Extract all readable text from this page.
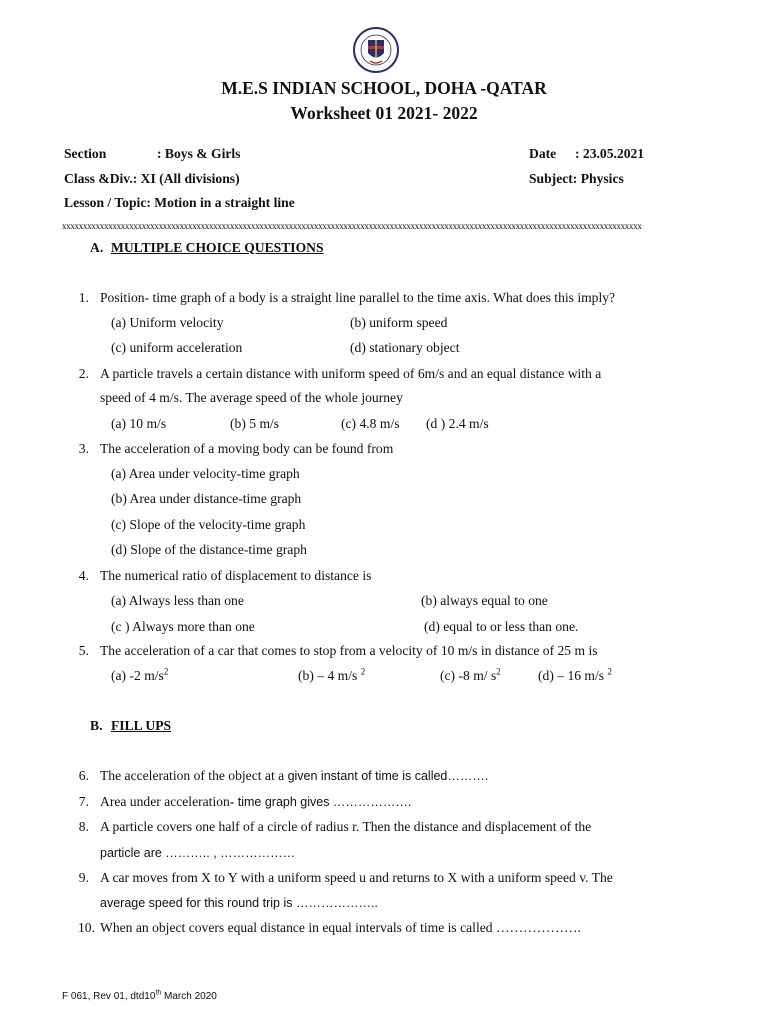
M.E.S INDIAN SCHOOL, DOHA -QATAR
Worksheet 01 2021- 2022
Section	: Boys & Girls	Date : 23.05.2021
Class &Div.: XI (All divisions)	Subject: Physics
Lesson / Topic: Motion in a straight line
xxxxxxxxxxxxxxxxxxxxxxxxxxxxxxxxxxxxxxxxxxxxxxxxxxxxxxxxxxxxxxxxxxxxxxxxxxxxxxxxxxxxxxxxxxxxxxxxxxxxxxxxxxxxxxxxxxxxxxxxxxxxxxxxxxxxxxxxxx
A. MULTIPLE CHOICE QUESTIONS
1. Position- time graph of a body is a straight line parallel to the time axis. What does this imply?
(a) Uniform velocity	(b) uniform speed
(c) uniform acceleration	(d) stationary object
2. A particle travels a certain distance with uniform speed of 6m/s and an equal distance with a
speed of 4 m/s. The average speed of the whole journey
(a) 10 m/s	(b) 5 m/s	(c) 4.8 m/s (d ) 2.4 m/s
3. The acceleration of a moving body can be found from
(a) Area under velocity-time graph
(b) Area under distance-time graph
(c) Slope of the velocity-time graph
(d) Slope of the distance-time graph
4. The numerical ratio of displacement to distance is
(a) Always less than one	(b) always equal to one
(c ) Always more than one	(d) equal to or less than one.
5. The acceleration of a car that comes to stop from a velocity of 10 m/s in distance of 25 m is
(a) -2 $m/s^2$	(b) – 4 m/s $^2$	(c) -8 m/ $s^2$	(d) – 16 m/s $^2$
B. FILL UPS
6. The acceleration of the object at a given instant of time is called……….
7. Area under acceleration- time graph gives ……………….
8. A particle covers one half of a circle of radius r. Then the distance and displacement of the
particle are ……….. , ………………
9. A car moves from X to Y with a uniform speed u and returns to X with a uniform speed v. The
average speed for this round trip is ………………..
10. When an object covers equal distance in equal intervals of time is called ……………….
F 061, Rev 01, dtd10th March 2020
